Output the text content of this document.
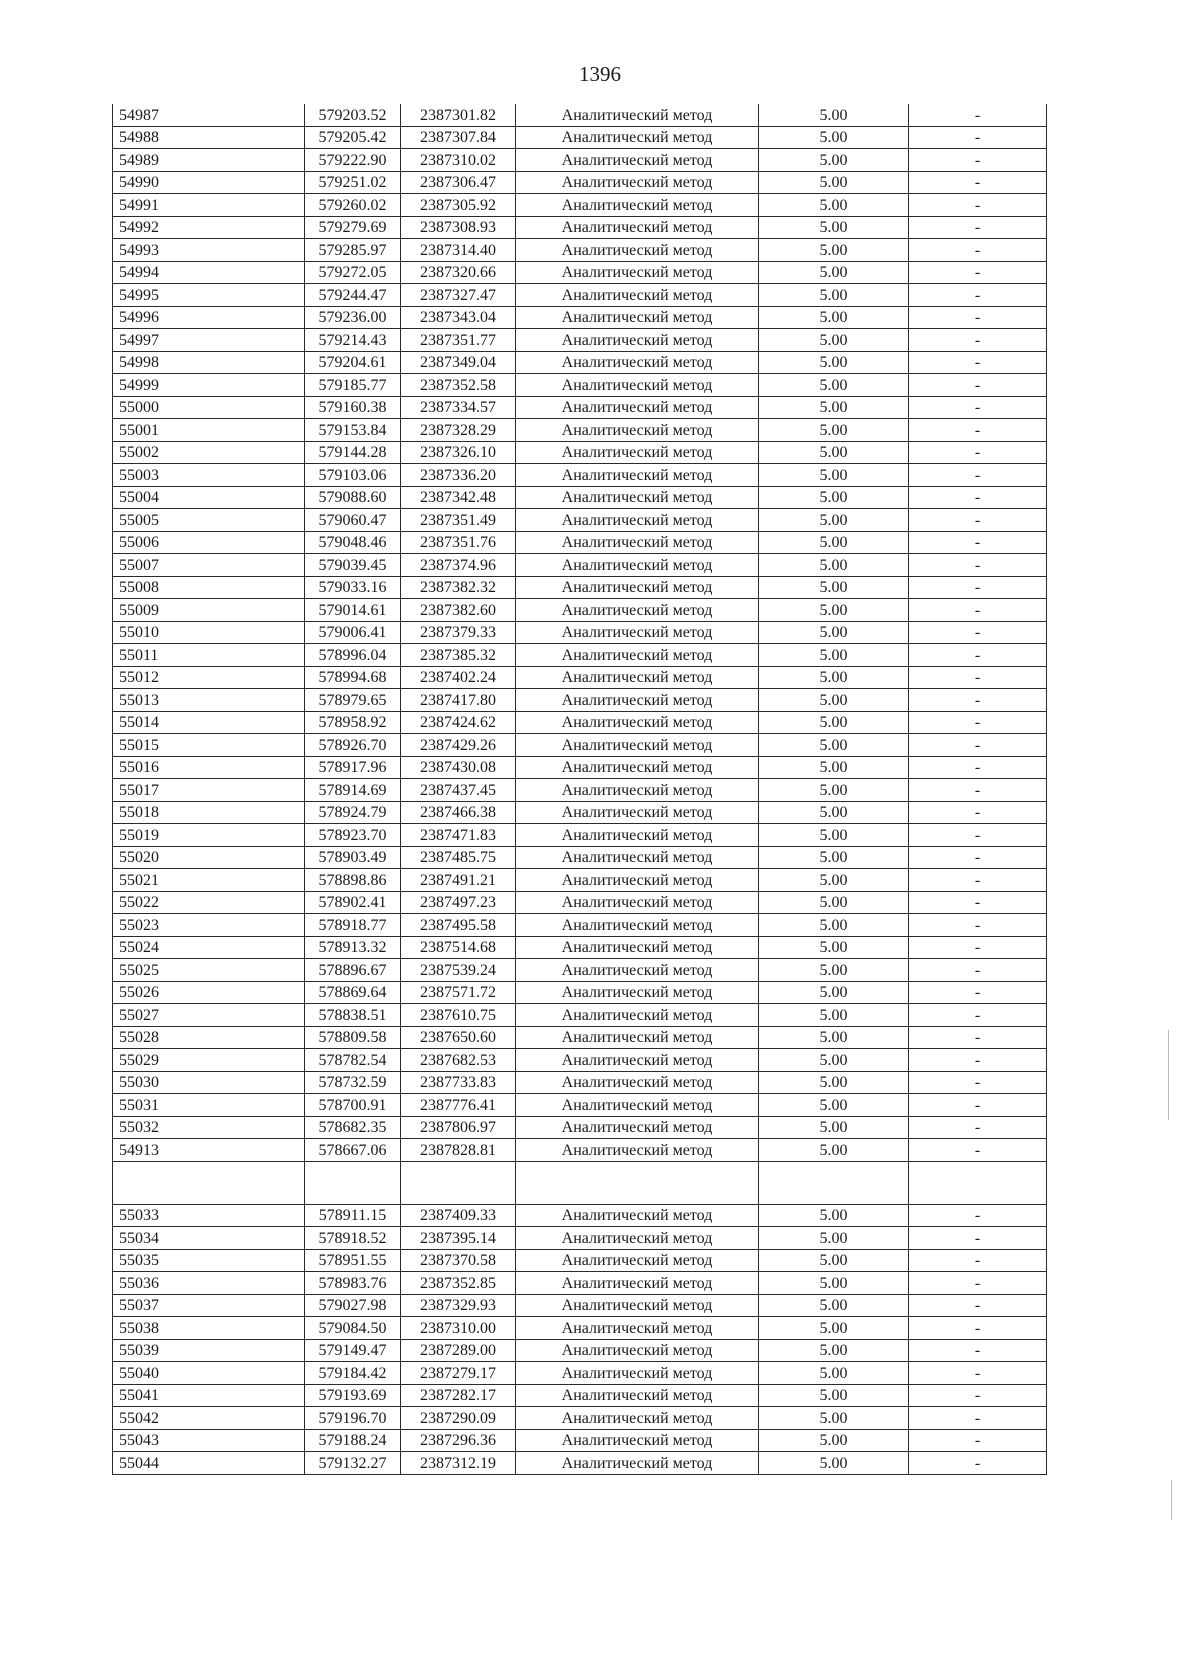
1396
54987	579203.52	2387301.82	Аналитический метод	5.00	-
54988	579205.42	2387307.84	Аналитический метод	5.00	-
54989	579222.90	2387310.02	Аналитический метод	5.00	-
54990	579251.02	2387306.47	Аналитический метод	5.00	-
54991	579260.02	2387305.92	Аналитический метод	5.00	-
54992	579279.69	2387308.93	Аналитический метод	5.00	-
54993	579285.97	2387314.40	Аналитический метод	5.00	-
54994	579272.05	2387320.66	Аналитический метод	5.00	-
54995	579244.47	2387327.47	Аналитический метод	5.00	-
54996	579236.00	2387343.04	Аналитический метод	5.00	-
54997	579214.43	2387351.77	Аналитический метод	5.00	-
54998	579204.61	2387349.04	Аналитический метод	5.00	-
54999	579185.77	2387352.58	Аналитический метод	5.00	-
55000	579160.38	2387334.57	Аналитический метод	5.00	-
55001	579153.84	2387328.29	Аналитический метод	5.00	-
55002	579144.28	2387326.10	Аналитический метод	5.00	-
55003	579103.06	2387336.20	Аналитический метод	5.00	-
55004	579088.60	2387342.48	Аналитический метод	5.00	-
55005	579060.47	2387351.49	Аналитический метод	5.00	-
55006	579048.46	2387351.76	Аналитический метод	5.00	-
55007	579039.45	2387374.96	Аналитический метод	5.00	-
55008	579033.16	2387382.32	Аналитический метод	5.00	-
55009	579014.61	2387382.60	Аналитический метод	5.00	-
55010	579006.41	2387379.33	Аналитический метод	5.00	-
55011	578996.04	2387385.32	Аналитический метод	5.00	-
55012	578994.68	2387402.24	Аналитический метод	5.00	-
55013	578979.65	2387417.80	Аналитический метод	5.00	-
55014	578958.92	2387424.62	Аналитический метод	5.00	-
55015	578926.70	2387429.26	Аналитический метод	5.00	-
55016	578917.96	2387430.08	Аналитический метод	5.00	-
55017	578914.69	2387437.45	Аналитический метод	5.00	-
55018	578924.79	2387466.38	Аналитический метод	5.00	-
55019	578923.70	2387471.83	Аналитический метод	5.00	-
55020	578903.49	2387485.75	Аналитический метод	5.00	-
55021	578898.86	2387491.21	Аналитический метод	5.00	-
55022	578902.41	2387497.23	Аналитический метод	5.00	-
55023	578918.77	2387495.58	Аналитический метод	5.00	-
55024	578913.32	2387514.68	Аналитический метод	5.00	-
55025	578896.67	2387539.24	Аналитический метод	5.00	-
55026	578869.64	2387571.72	Аналитический метод	5.00	-
55027	578838.51	2387610.75	Аналитический метод	5.00	-
55028	578809.58	2387650.60	Аналитический метод	5.00	-
55029	578782.54	2387682.53	Аналитический метод	5.00	-
55030	578732.59	2387733.83	Аналитический метод	5.00	-
55031	578700.91	2387776.41	Аналитический метод	5.00	-
55032	578682.35	2387806.97	Аналитический метод	5.00	-
54913	578667.06	2387828.81	Аналитический метод	5.00	-

55033	578911.15	2387409.33	Аналитический метод	5.00	-
55034	578918.52	2387395.14	Аналитический метод	5.00	-
55035	578951.55	2387370.58	Аналитический метод	5.00	-
55036	578983.76	2387352.85	Аналитический метод	5.00	-
55037	579027.98	2387329.93	Аналитический метод	5.00	-
55038	579084.50	2387310.00	Аналитический метод	5.00	-
55039	579149.47	2387289.00	Аналитический метод	5.00	-
55040	579184.42	2387279.17	Аналитический метод	5.00	-
55041	579193.69	2387282.17	Аналитический метод	5.00	-
55042	579196.70	2387290.09	Аналитический метод	5.00	-
55043	579188.24	2387296.36	Аналитический метод	5.00	-
55044	579132.27	2387312.19	Аналитический метод	5.00	-
